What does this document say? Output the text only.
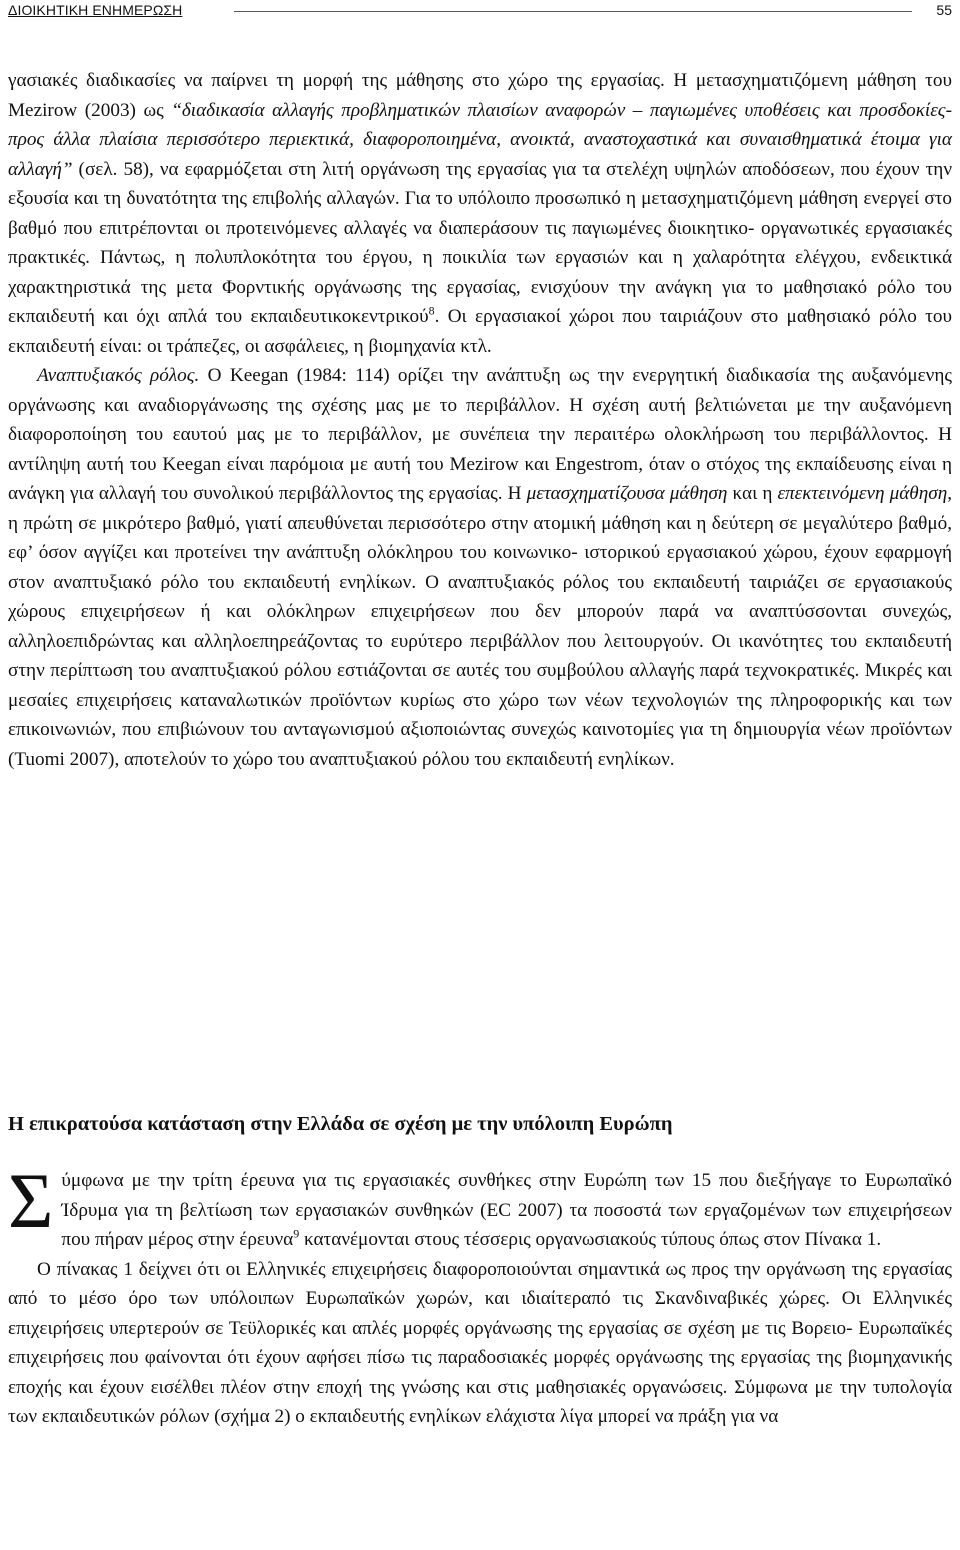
ΔΙΟΙΚΗΤΙΚΗ ΕΝΗΜΕΡΩΣΗ	55

γασιακές διαδικασίες να παίρνει τη μορφή της μάθησης στο χώρο της εργασίας. Η μετασχηματιζόμενη μάθηση του Mezirow (2003) ως “διαδικασία αλλαγής προβληματικών πλαισίων αναφορών – παγιωμένες υποθέσεις και προσδοκίες- προς άλλα πλαίσια περισσότερο περιεκτικά, διαφοροποιημένα, ανοικτά, αναστοχαστικά και συναισθηματικά έτοιμα για αλλαγή” (σελ. 58), να εφαρμόζεται στη λιτή οργάνωση της εργασίας για τα στελέχη υψηλών αποδόσεων, που έχουν την εξουσία και τη δυνατότητα της επιβολής αλλαγών. Για το υπόλοιπο προσωπικό η μετασχηματιζόμενη μάθηση ενεργεί στο βαθμό που επιτρέπονται οι προτεινόμενες αλλαγές να διαπεράσουν τις παγιωμένες διοικητικο- οργανωτικές εργασιακές πρακτικές. Πάντως, η πολυπλοκότητα του έργου, η ποικιλία των εργασιών και η χαλαρότητα ελέγχου, ενδεικτικά χαρακτηριστικά της μετα Φορντικής οργάνωσης της εργασίας, ενισχύουν την ανάγκη για το μαθησιακό ρόλο του εκπαιδευτή και όχι απλά του εκπαιδευτικοκεντρικού$^8$. Οι εργασιακοί χώροι που ταιριάζουν στο μαθησιακό ρόλο του εκπαιδευτή είναι: οι τράπεζες, οι ασφάλειες, η βιομηχανία κτλ.

Αναπτυξιακός ρόλος. Ο Keegan (1984: 114) ορίζει την ανάπτυξη ως την ενεργητική διαδικασία της αυξανόμενης οργάνωσης και αναδιοργάνωσης της σχέσης μας με το περιβάλλον. Η σχέση αυτή βελτιώνεται με την αυξανόμενη διαφοροποίηση του εαυτού μας με το περιβάλλον, με συνέπεια την περαιτέρω ολοκλήρωση του περιβάλλοντος. Η αντίληψη αυτή του Keegan είναι παρόμοια με αυτή του Mezirow και Engestrom, όταν ο στόχος της εκπαίδευσης είναι η ανάγκη για αλλαγή του συνολικού περιβάλλοντος της εργασίας. Η μετασχηματίζουσα μάθηση και η επεκτεινόμενη μάθηση, η πρώτη σε μικρότερο βαθμό, γιατί απευθύνεται περισσότερο στην ατομική μάθηση και η δεύτερη σε μεγαλύτερο βαθμό, εφ’ όσον αγγίζει και προτείνει την ανάπτυξη ολόκληρου του κοινωνικο- ιστορικού εργασιακού χώρου, έχουν εφαρμογή στον αναπτυξιακό ρόλο του εκπαιδευτή ενηλίκων. Ο αναπτυξιακός ρόλος του εκπαιδευτή ταιριάζει σε εργασιακούς χώρους επιχειρήσεων ή και ολόκληρων επιχειρήσεων που δεν μπορούν παρά να αναπτύσσονται συνεχώς, αλληλοεπιδρώντας και αλληλοεπηρεάζοντας το ευρύτερο περιβάλλον που λειτουργούν. Οι ικανότητες του εκπαιδευτή στην περίπτωση του αναπτυξιακού ρόλου εστιάζονται σε αυτές του συμβούλου αλλαγής παρά τεχνοκρατικές. Μικρές και μεσαίες επιχειρήσεις καταναλωτικών προϊόντων κυρίως στο χώρο των νέων τεχνολογιών της πληροφορικής και των επικοινωνιών, που επιβιώνουν του ανταγωνισμού αξιοποιώντας συνεχώς καινοτομίες για τη δημιουργία νέων προϊόντων (Tuomi 2007), αποτελούν το χώρο του αναπτυξιακού ρόλου του εκπαιδευτή ενηλίκων.

Η επικρατούσα κατάσταση στην Ελλάδα σε σχέση με την υπόλοιπη Ευρώπη

Σύμφωνα με την τρίτη έρευνα για τις εργασιακές συνθήκες στην Ευρώπη των 15 που διεξήγαγε το Ευρωπαϊκό Ίδρυμα για τη βελτίωση των εργασιακών συνθηκών (EC 2007) τα ποσοστά των εργαζομένων των επιχειρήσεων που πήραν μέρος στην έρευνα$^9$ κατανέμονται στους τέσσερις οργανωσιακούς τύπους όπως στον Πίνακα 1.

Ο πίνακας 1 δείχνει ότι οι Ελληνικές επιχειρήσεις διαφοροποιούνται σημαντικά ως προς την οργάνωση της εργασίας από το μέσο όρο των υπόλοιπων Ευρωπαϊκών χωρών, και ιδιαίτεραπό τις Σκανδιναβικές χώρες. Οι Ελληνικές επιχειρήσεις υπερτερούν σε Τεϋλορικές και απλές μορφές οργάνωσης της εργασίας σε σχέση με τις Βορειο- Ευρωπαϊκές επιχειρήσεις που φαίνονται ότι έχουν αφήσει πίσω τις παραδοσιακές μορφές οργάνωσης της εργασίας της βιομηχανικής εποχής και έχουν εισέλθει πλέον στην εποχή της γνώσης και στις μαθησιακές οργανώσεις. Σύμφωνα με την τυπολογία των εκπαιδευτικών ρόλων (σχήμα 2) ο εκπαιδευτής ενηλίκων ελάχιστα λίγα μπορεί να πράξη για να
